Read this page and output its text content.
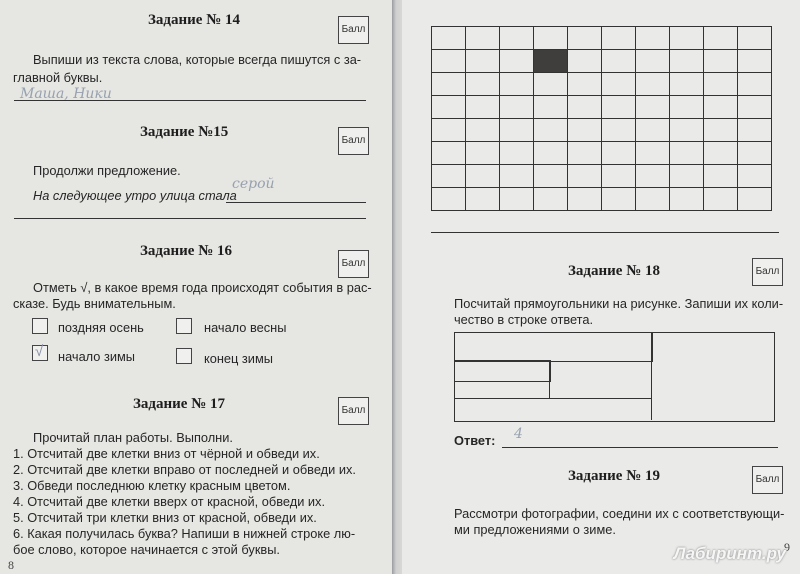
Задание № 14
Балл
Выпиши из текста слова, которые всегда пишутся с за-
главной буквы.
Маша, Ники
Задание №15
Балл
Продолжи предложение.
На следующее утро улица стала
серой
Задание № 16
Балл
Отметь √, в какое время года происходят события в рас-
сказе. Будь внимательным.
поздняя осень	начало весны
√ начало зимы	конец зимы
Задание № 17	Балл
Прочитай план работы. Выполни.
1. Отсчитай две клетки вниз от чёрной и обведи их.
2. Отсчитай две клетки вправо от последней и обведи их.
3. Обведи последнюю клетку красным цветом.
4. Отсчитай две клетки вверх от красной, обведи их.
5. Отсчитай три клетки вниз от красной, обведи их.
6. Какая получилась буква? Напиши в нижней строке лю-
бое слово, которое начинается с этой буквы.
8

Задание № 18	Балл
Посчитай прямоугольники на рисунке. Запиши их коли-
чество в строке ответа.
Ответ: 4
Задание № 19	Балл
Рассмотри фотографии, соедини их с соответствующи-
ми предложениями о зиме.
9
Лабиринт.ру
